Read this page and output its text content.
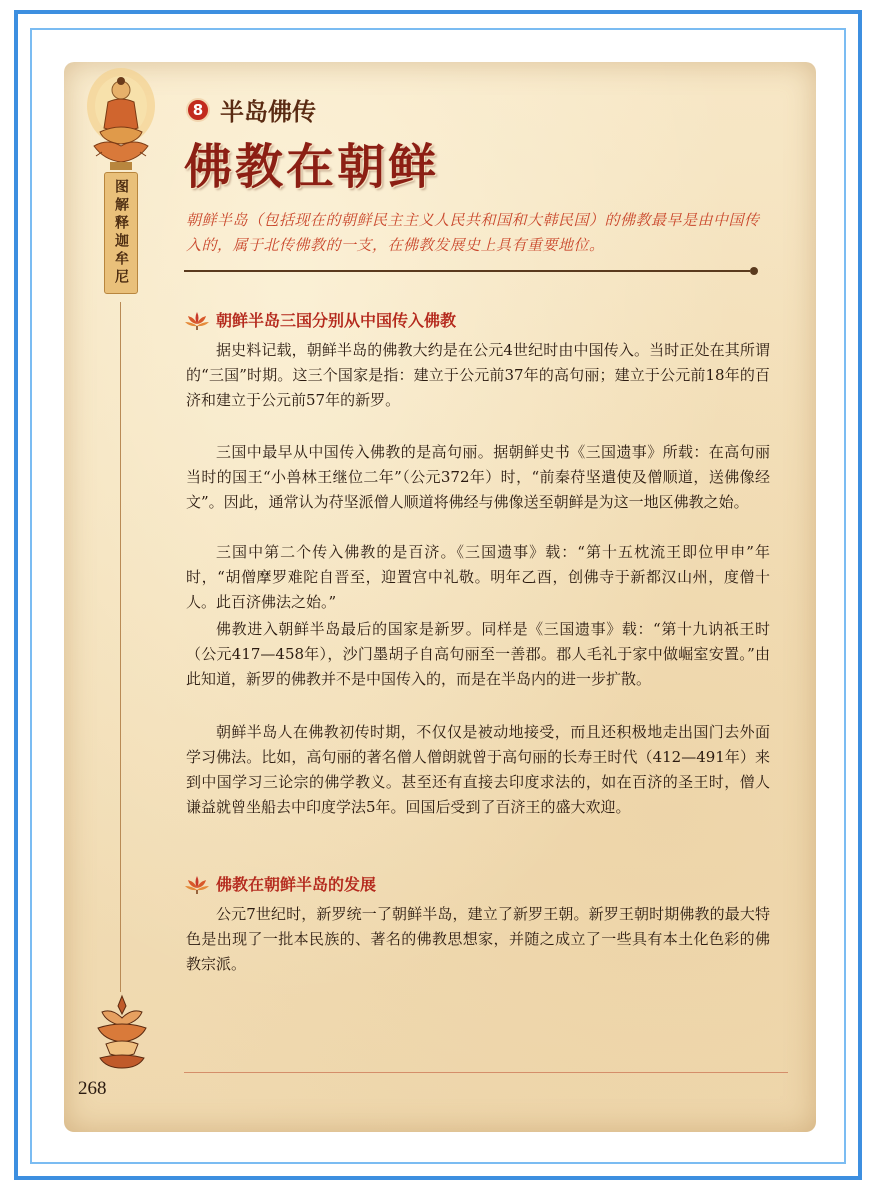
图解释迦牟尼
268
8 半岛佛传
佛教在朝鲜
朝鲜半岛（包括现在的朝鲜民主主义人民共和国和大韩民国）的佛教最早是由中国传入的，属于北传佛教的一支，在佛教发展史上具有重要地位。
朝鲜半岛三国分别从中国传入佛教

据史料记载，朝鲜半岛的佛教大约是在公元4世纪时由中国传入。当时正处在其所谓的“三国”时期。这三个国家是指：建立于公元前37年的高句丽；建立于公元前18年的百济和建立于公元前57年的新罗。

三国中最早从中国传入佛教的是高句丽。据朝鲜史书《三国遗事》所载：在高句丽当时的国王“小兽林王继位二年”（公元372年）时，“前秦苻坚遣使及僧顺道，送佛像经文”。因此，通常认为苻坚派僧人顺道将佛经与佛像送至朝鲜是为这一地区佛教之始。

三国中第二个传入佛教的是百济。《三国遗事》载：“第十五枕流王即位甲申”年时，“胡僧摩罗难陀自晋至，迎置宫中礼敬。明年乙酉，创佛寺于新都汉山州，度僧十人。此百济佛法之始。”

佛教进入朝鲜半岛最后的国家是新罗。同样是《三国遗事》载：“第十九讷祇王时（公元417—458年），沙门墨胡子自高句丽至一善郡。郡人毛礼于家中做崛室安置。”由此知道，新罗的佛教并不是中国传入的，而是在半岛内的进一步扩散。

朝鲜半岛人在佛教初传时期，不仅仅是被动地接受，而且还积极地走出国门去外面学习佛法。比如，高句丽的著名僧人僧朗就曾于高句丽的长寿王时代（412—491年）来到中国学习三论宗的佛学教义。甚至还有直接去印度求法的，如在百济的圣王时，僧人谦益就曾坐船去中印度学法5年。回国后受到了百济王的盛大欢迎。

佛教在朝鲜半岛的发展

公元7世纪时，新罗统一了朝鲜半岛，建立了新罗王朝。新罗王朝时期佛教的最大特色是出现了一批本民族的、著名的佛教思想家，并随之成立了一些具有本土化色彩的佛教宗派。
